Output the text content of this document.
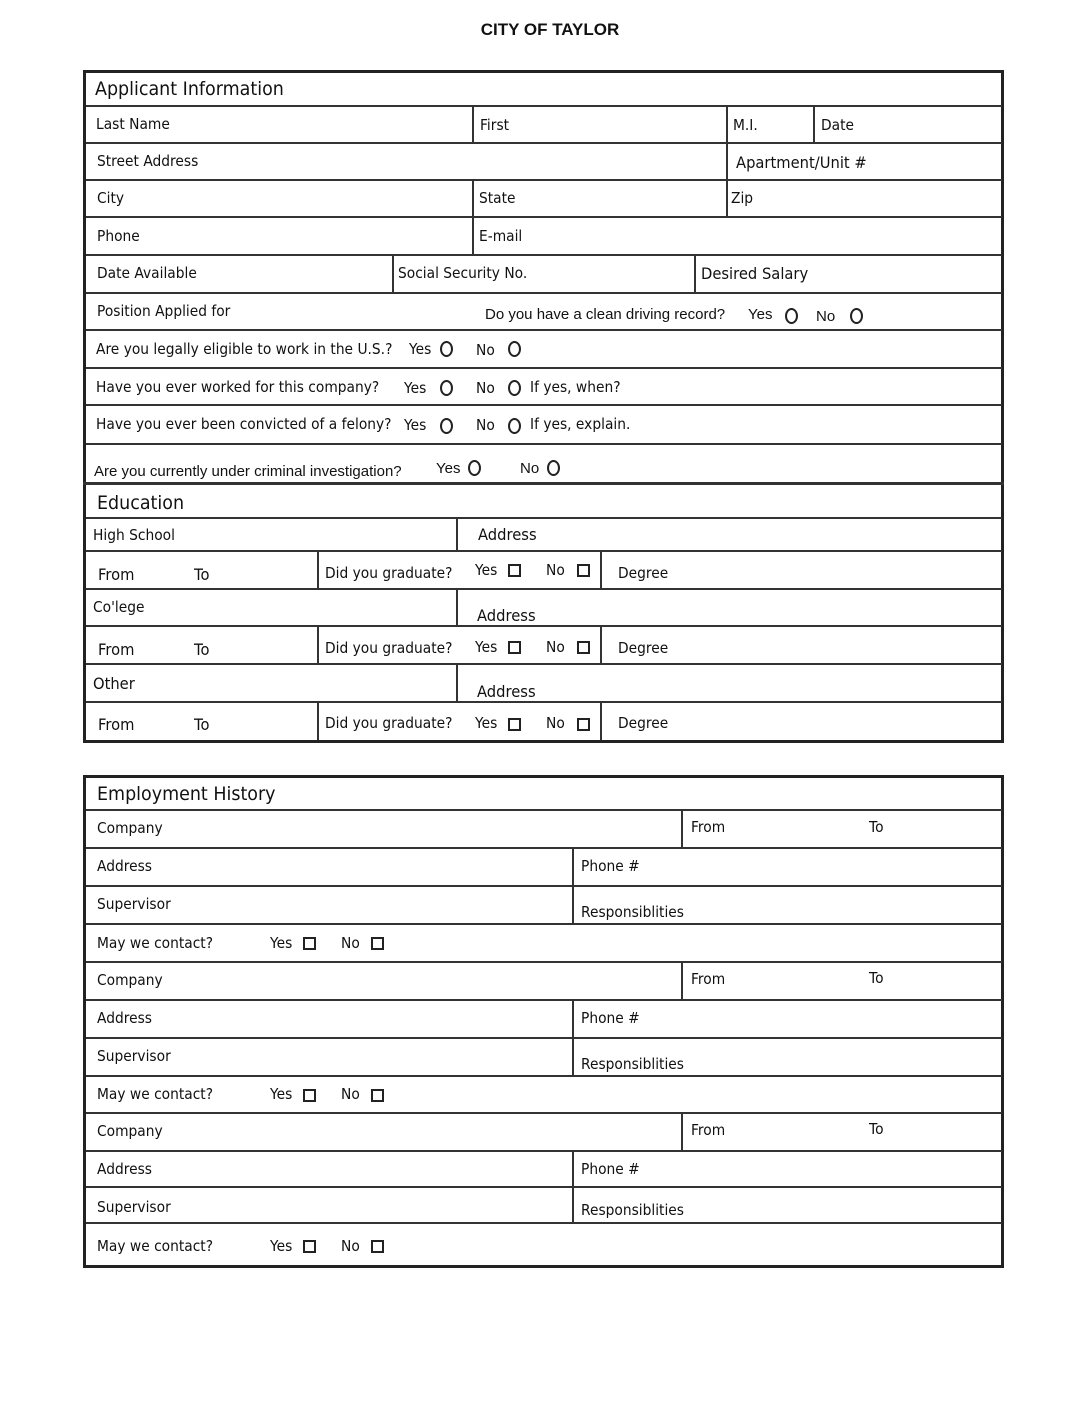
CITY OF TAYLOR
Applicant Information
Last Name	First	M.I.	Date
Street Address	Apartment/Unit #
City	State	Zip
Phone	E-mail
Date Available	Social Security No.	Desired Salary
Position Applied for	Do you have a clean driving record? Yes	No
Are you legally eligible to work in the U.S.? Yes	No
Have you ever worked for this company? Yes	No If yes, when?
Have you ever been convicted of a felony? Yes	No If yes, explain.
Are you currently under criminal investigation? Yes	No
Education
High School	Address
From	To	Did you graduate? Yes	No	Degree
Co'lege	Address
From	To	Did you graduate? Yes	No	Degree
Other	Address
From	To	Did you graduate? Yes	No	Degree
Employment History
Company	From	To
Address	Phone #
Supervisor	Responsiblities
May we contact?	Yes	No
Company	From	To
Address	Phone #
Supervisor	Responsiblities
May we contact?	Yes	No
Company	From	To
Address	Phone #
Supervisor	Responsiblities
May we contact?	Yes	No
